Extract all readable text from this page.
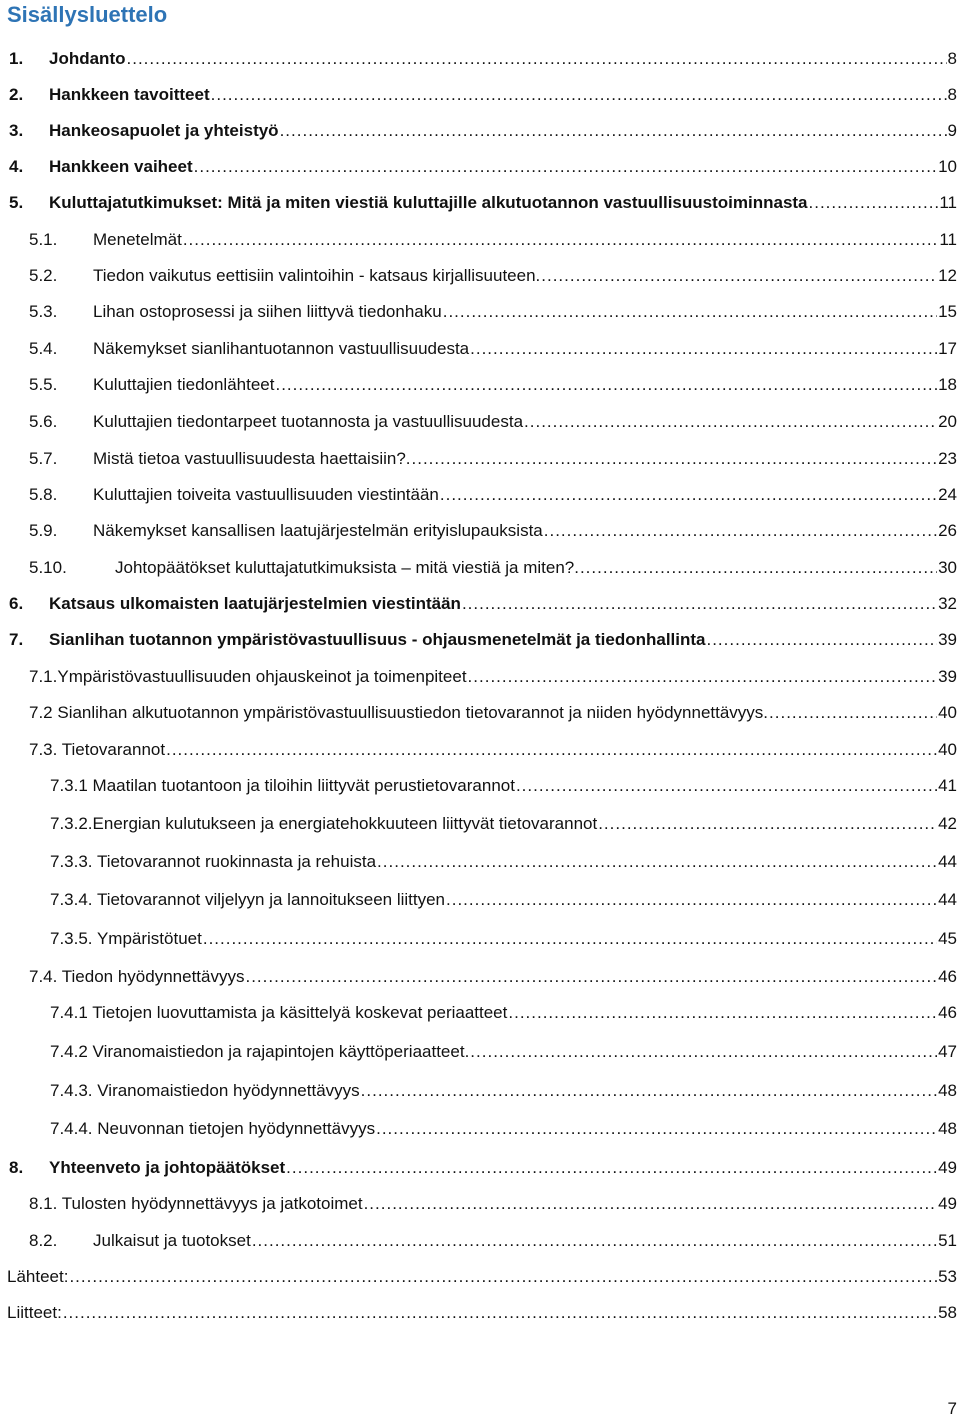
Sisällysluettelo
1.	Johdanto .....	8
2.	Hankkeen tavoitteet .....	8
3.	Hankeosapuolet ja yhteistyö .....	9
4.	Hankkeen vaiheet .....	10
5.	Kuluttajatutkimukset: Mitä ja miten viestiä kuluttajille alkutuotannon vastuullisuustoiminnasta .....	11
5.1.	Menetelmät .....	11
5.2.	Tiedon vaikutus eettisiin valintoihin - katsaus kirjallisuuteen. .....	12
5.3.	Lihan ostoprosessi ja siihen liittyvä tiedonhaku .....	15
5.4.	Näkemykset sianlihantuotannon vastuullisuudesta .....	17
5.5.	Kuluttajien tiedonlähteet .....	18
5.6.	Kuluttajien tiedontarpeet tuotannosta ja vastuullisuudesta .....	20
5.7.	Mistä tietoa vastuullisuudesta haettaisiin?. .....	23
5.8.	Kuluttajien toiveita vastuullisuuden viestintään .....	24
5.9.	Näkemykset kansallisen laatujärjestelmän erityislupauksista .....	26
5.10.	Johtopäätökset kuluttajatutkimuksista – mitä viestiä ja miten?. .....	30
6.	Katsaus ulkomaisten laatujärjestelmien viestintään .....	32
7.	Sianlihan tuotannon ympäristövastuullisuus - ohjausmenetelmät ja tiedonhallinta .....	39
7.1.Ympäristövastuullisuuden ohjauskeinot ja toimenpiteet .....	39
7.2 Sianlihan alkutuotannon ympäristövastuullisuustiedon tietovarannot ja niiden hyödynnettävyys. .....	40
7.3. Tietovarannot .....	40
7.3.1 Maatilan tuotantoon ja tiloihin liittyvät perustietovarannot .....	41
7.3.2.Energian kulutukseen ja energiatehokkuuteen liittyvät tietovarannot .....	42
7.3.3. Tietovarannot ruokinnasta ja rehuista .....	44
7.3.4. Tietovarannot viljelyyn ja lannoitukseen liittyen .....	44
7.3.5. Ympäristötuet .....	45
7.4. Tiedon hyödynnettävyys .....	46
7.4.1 Tietojen luovuttamista ja käsittelyä koskevat periaatteet .....	46
7.4.2 Viranomaistiedon ja rajapintojen käyttöperiaatteet. .....	47
7.4.3. Viranomaistiedon hyödynnettävyys .....	48
7.4.4. Neuvonnan tietojen hyödynnettävyys .....	48
8.	Yhteenveto ja johtopäätökset .....	49
8.1. Tulosten hyödynnettävyys ja jatkotoimet .....	49
8.2.	Julkaisut ja tuotokset .....	51
Lähteet: .....	53
Liitteet: .....	58
7
